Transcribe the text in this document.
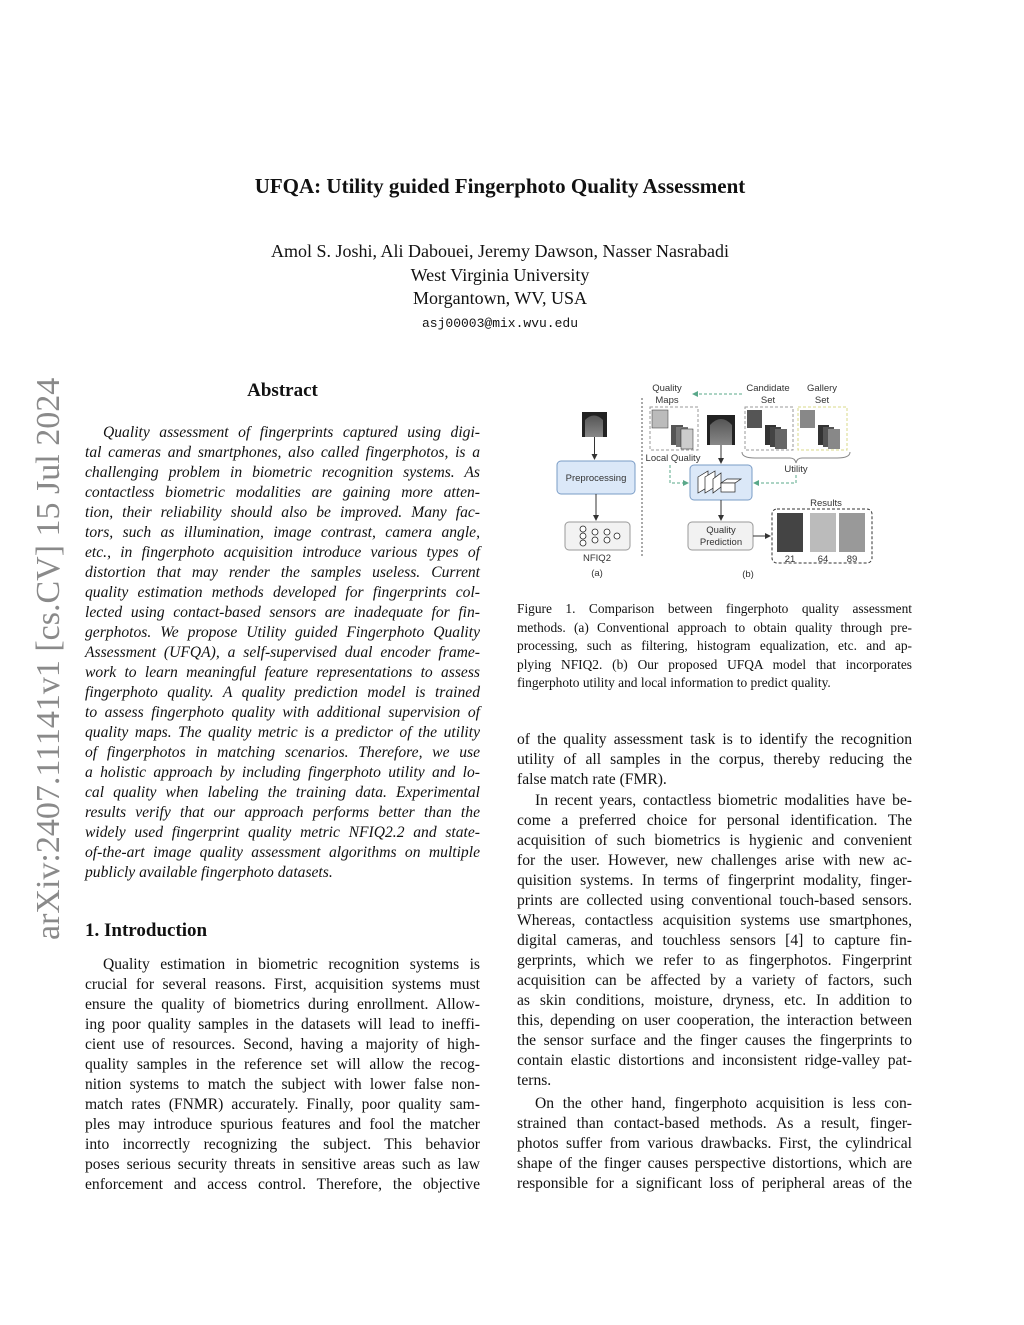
arXiv:2407.11141v1 [cs.CV] 15 Jul 2024
UFQA: Utility guided Fingerphoto Quality Assessment
Amol S. Joshi, Ali Dabouei, Jeremy Dawson, Nasser Nasrabadi
West Virginia University
Morgantown, WV, USA
asj00003@mix.wvu.edu
Abstract
Quality assessment of fingerprints captured using digi-
tal cameras and smartphones, also called fingerphotos, is a
challenging problem in biometric recognition systems. As
contactless biometric modalities are gaining more atten-
tion, their reliability should also be improved. Many fac-
tors, such as illumination, image contrast, camera angle,
etc., in fingerphoto acquisition introduce various types of
distortion that may render the samples useless. Current
quality estimation methods developed for fingerprints col-
lected using contact-based sensors are inadequate for fin-
gerphotos. We propose Utility guided Fingerphoto Quality
Assessment (UFQA), a self-supervised dual encoder frame-
work to learn meaningful feature representations to assess
fingerphoto quality. A quality prediction model is trained
to assess fingerphoto quality with additional supervision of
quality maps. The quality metric is a predictor of the utility
of fingerphotos in matching scenarios. Therefore, we use
a holistic approach by including fingerphoto utility and lo-
cal quality when labeling the training data. Experimental
results verify that our approach performs better than the
widely used fingerprint quality metric NFIQ2.2 and state-
of-the-art image quality assessment algorithms on multiple
publicly available fingerphoto datasets.
1. Introduction
Quality estimation in biometric recognition systems is
crucial for several reasons. First, acquisition systems must
ensure the quality of biometrics during enrollment. Allow-
ing poor quality samples in the datasets will lead to ineffi-
cient use of resources. Second, having a majority of high-
quality samples in the reference set will allow the recog-
nition systems to match the subject with lower false non-
match rates (FNMR) accurately. Finally, poor quality sam-
ples may introduce spurious features and fool the matcher
into incorrectly recognizing the subject. This behavior
poses serious security threats in sensitive areas such as law
enforcement and access control. Therefore, the objective
Preprocessing
NFIQ2
(a)
Quality
Maps
Candidate
Set
Gallery
Set
Local Quality
Utility
Quality
Prediction
Results
21 64 89
(b)
Figure 1. Comparison between fingerphoto quality assessment
methods. (a) Conventional approach to obtain quality through pre-
processing, such as filtering, histogram equalization, etc. and ap-
plying NFIQ2. (b) Our proposed UFQA model that incorporates
fingerphoto utility and local information to predict quality.
of the quality assessment task is to identify the recognition
utility of all samples in the corpus, thereby reducing the
false match rate (FMR).
In recent years, contactless biometric modalities have be-
come a preferred choice for personal identification. The
acquisition of such biometrics is hygienic and convenient
for the user. However, new challenges arise with new ac-
quisition systems. In terms of fingerprint modality, finger-
prints are collected using conventional touch-based sensors.
Whereas, contactless acquisition systems use smartphones,
digital cameras, and touchless sensors [4] to capture fin-
gerprints, which we refer to as fingerphotos. Fingerprint
acquisition can be affected by a variety of factors, such
as skin conditions, moisture, dryness, etc. In addition to
this, depending on user cooperation, the interaction between
the sensor surface and the finger causes the fingerprints to
contain elastic distortions and inconsistent ridge-valley pat-
terns.
On the other hand, fingerphoto acquisition is less con-
strained than contact-based methods. As a result, finger-
photos suffer from various drawbacks. First, the cylindrical
shape of the finger causes perspective distortions, which are
responsible for a significant loss of peripheral areas of the
